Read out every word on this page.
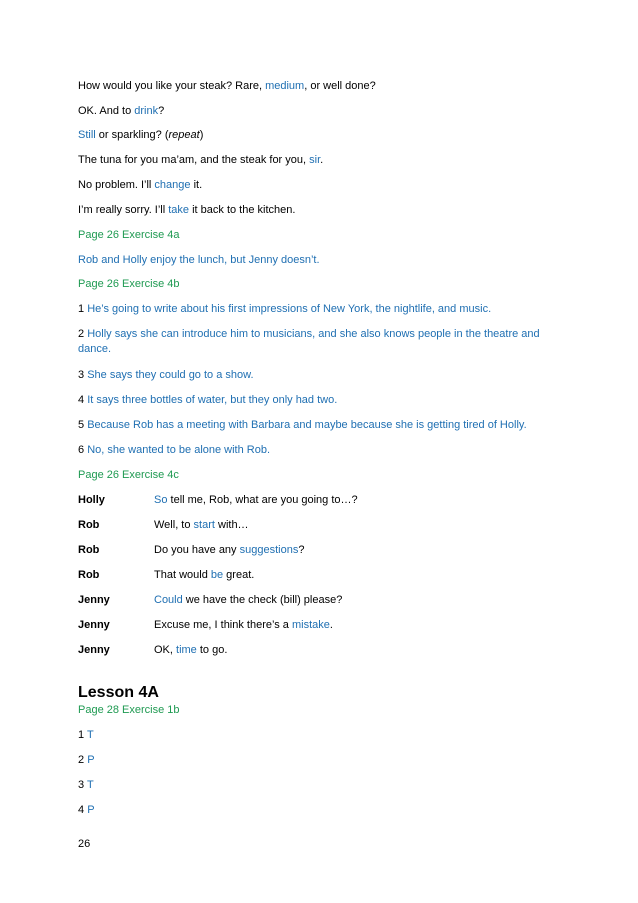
How would you like your steak? Rare, medium, or well done?
OK. And to drink?
Still or sparkling? (repeat)
The tuna for you ma’am, and the steak for you, sir.
No problem. I’ll change it.
I’m really sorry. I’ll take it back to the kitchen.
Page 26 Exercise 4a
Rob and Holly enjoy the lunch, but Jenny doesn’t.
Page 26 Exercise 4b
1 He’s going to write about his first impressions of New York, the nightlife, and music.
2 Holly says she can introduce him to musicians, and she also knows people in the theatre and dance.
3 She says they could go to a show.
4 It says three bottles of water, but they only had two.
5 Because Rob has a meeting with Barbara and maybe because she is getting tired of Holly.
6 No, she wanted to be alone with Rob.
Page 26 Exercise 4c
Holly	So tell me, Rob, what are you going to…?
Rob	Well, to start with…
Rob	Do you have any suggestions?
Rob	That would be great.
Jenny	Could we have the check (bill) please?
Jenny	Excuse me, I think there’s a mistake.
Jenny	OK, time to go.
Lesson 4A
Page 28 Exercise 1b
1 T
2 P
3 T
4 P
26
